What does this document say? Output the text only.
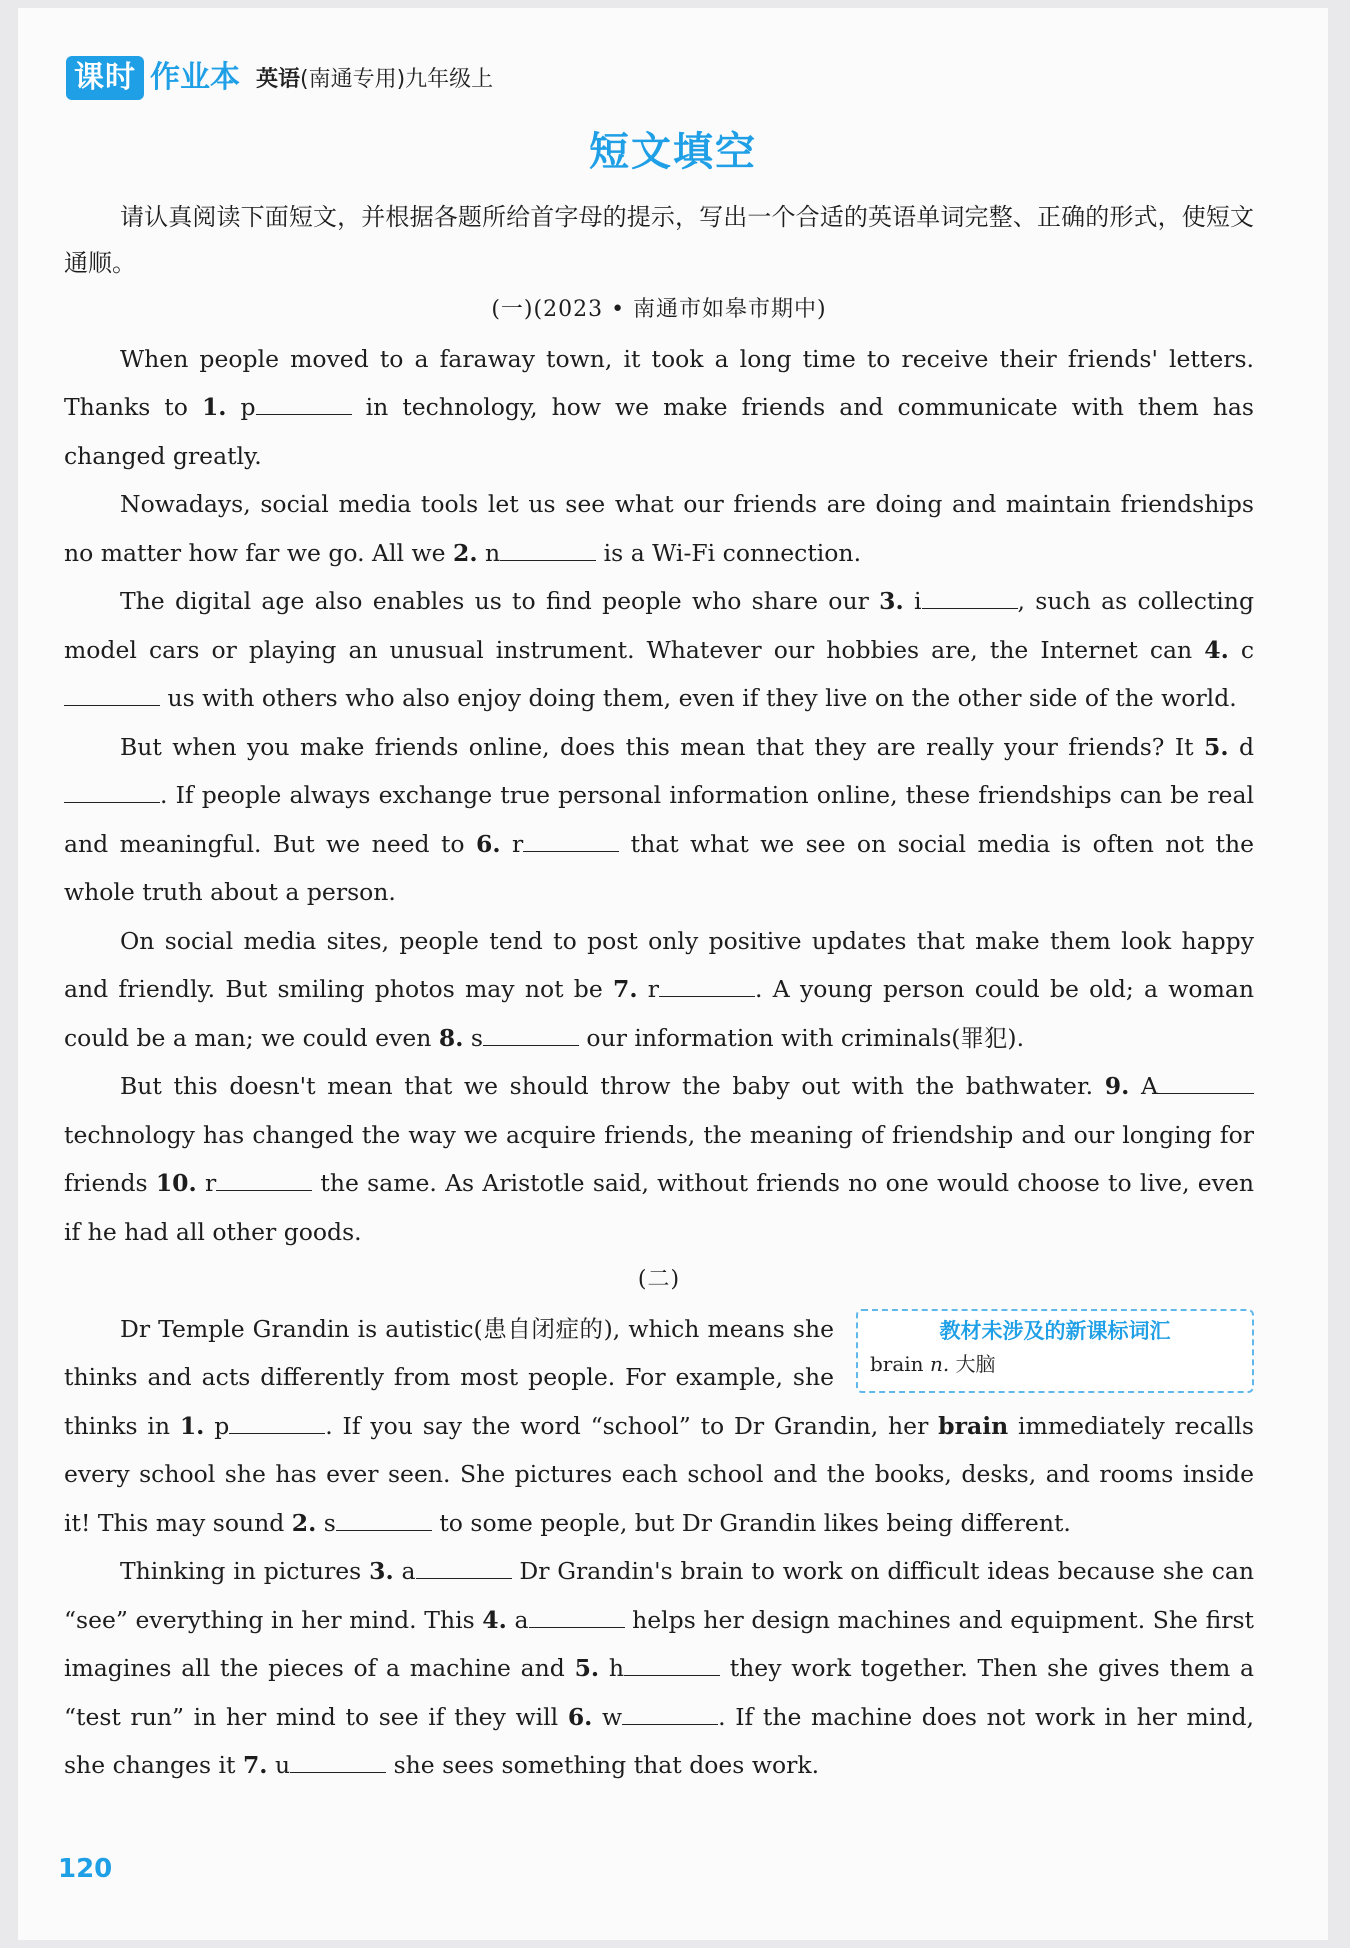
课时 作业本 英语(南通专用)九年级上
短文填空

请认真阅读下面短文，并根据各题所给首字母的提示，写出一个合适的英语单词完整、正确的形式，使短文通顺。

(一)(2023 • 南通市如皋市期中)

When people moved to a faraway town, it took a long time to receive their friends' letters. Thanks to 1. p	in technology, how we make friends and communicate with them has changed greatly.

Nowadays, social media tools let us see what our friends are doing and maintain friendships no matter how far we go. All we 2. n	is a Wi-Fi connection.

The digital age also enables us to find people who share our 3. i	, such as collecting model cars or playing an unusual instrument. Whatever our hobbies are, the Internet can 4. c us with others who also enjoy doing them, even if they live on the other side of the world.

But when you make friends online, does this mean that they are really your friends? It 5. d. If people always exchange true personal information online, these friendships can be real and meaningful. But we need to 6. r	that what we see on social media is often not the whole truth about a person.

On social media sites, people tend to post only positive updates that make them look happy and friendly. But smiling photos may not be 7. r	. A young person could be old; a woman could be a man; we could even 8. s	our information with criminals(罪犯).

But this doesn't mean that we should throw the baby out with the bathwater. 9. A technology has changed the way we acquire friends, the meaning of friendship and our longing for friends 10. r	the same. As Aristotle said, without friends no one would choose to live, even if he had all other goods.

(二)

教材未涉及的新课标词汇
brain n. 大脑
Dr Temple Grandin is autistic(患自闭症的), which means she thinks and acts differently from most people. For example, she thinks in 1. p	. If you say the word “school” to Dr Grandin, her brain immediately recalls every school she has ever seen. She pictures each school and the books, desks, and rooms inside it! This may sound 2. s	to some people, but Dr Grandin likes being different.

Thinking in pictures 3. a	Dr Grandin's brain to work on difficult ideas because she can “see” everything in her mind. This 4. a	helps her design machines and equipment. She first imagines all the pieces of a machine and 5. h	they work together. Then she gives them a “test run” in her mind to see if they will 6. w	. If the machine does not work in her mind, she changes it 7. u	she sees something that does work.

120
